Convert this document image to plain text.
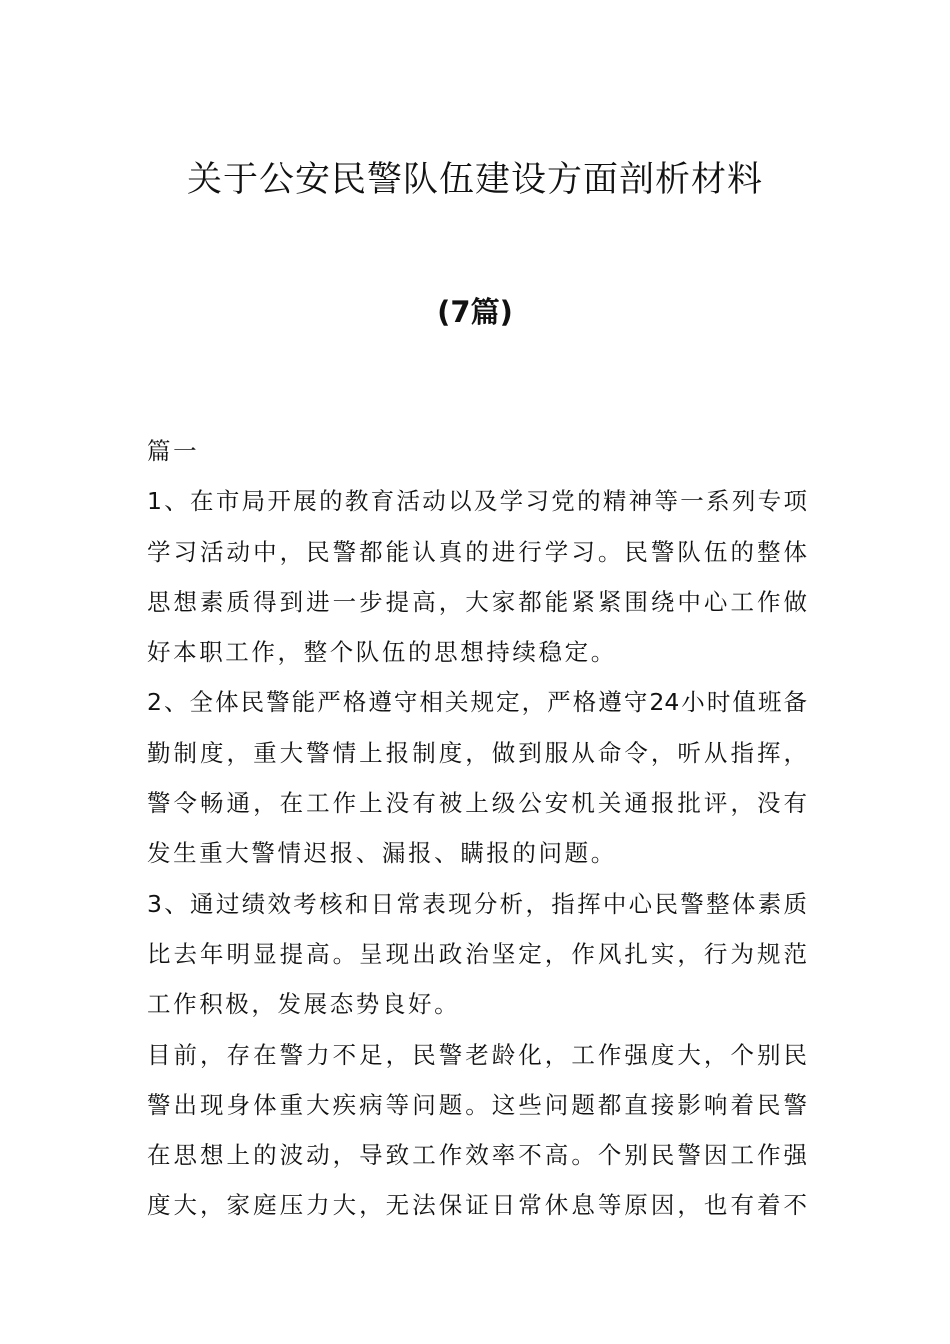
关于公安民警队伍建设方面剖析材料
(7篇)
篇一
1、在市局开展的教育活动以及学习党的精神等一系列专项
学习活动中，民警都能认真的进行学习。民警队伍的整体
思想素质得到进一步提高，大家都能紧紧围绕中心工作做
好本职工作，整个队伍的思想持续稳定。
2、全体民警能严格遵守相关规定，严格遵守24小时值班备
勤制度，重大警情上报制度，做到服从命令，听从指挥，
警令畅通，在工作上没有被上级公安机关通报批评，没有
发生重大警情迟报、漏报、瞒报的问题。
3、通过绩效考核和日常表现分析，指挥中心民警整体素质
比去年明显提高。呈现出政治坚定，作风扎实，行为规范
工作积极，发展态势良好。
目前，存在警力不足，民警老龄化，工作强度大，个别民
警出现身体重大疾病等问题。这些问题都直接影响着民警
在思想上的波动，导致工作效率不高。个别民警因工作强
度大，家庭压力大，无法保证日常休息等原因，也有着不
